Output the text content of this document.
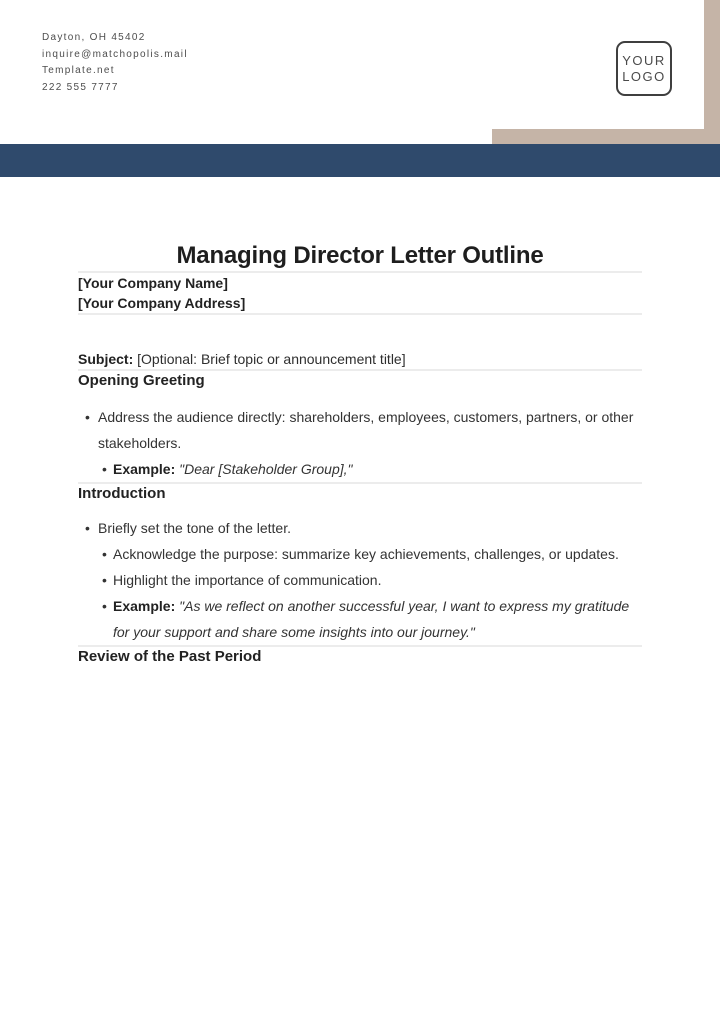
Dayton, OH 45402
inquire@matchopolis.mail
Template.net
222 555 7777
YOUR
LOGO
Managing Director Letter Outline

[Your Company Name]

[Your Company Address]

Subject: [Optional: Brief topic or announcement title]

Opening Greeting
• Address the audience directly: shareholders, employees, customers, partners, or other stakeholders.
• Example: "Dear [Stakeholder Group],"
Introduction
• Briefly set the tone of the letter.
• Acknowledge the purpose: summarize key achievements, challenges, or updates.
• Highlight the importance of communication.
• Example: "As we reflect on another successful year, I want to express my gratitude for your support and share some insights into our journey."
Review of the Past Period
